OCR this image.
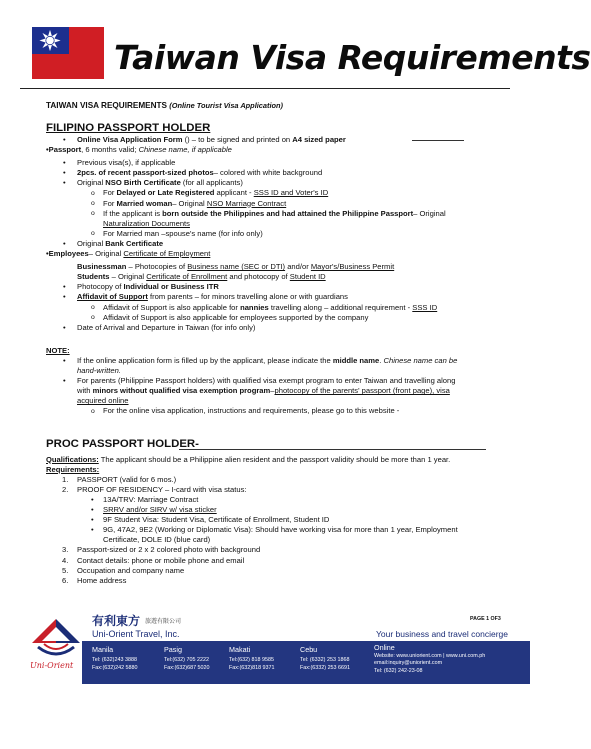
Taiwan Visa Requirements
TAIWAN VISA REQUIREMENTS (Online Tourist Visa Application)
FILIPINO PASSPORT HOLDER
• Online Visa Application Form () – to be signed and printed on A4 sized paper
•Passport, 6 months valid; Chinese name, if applicable
• Previous visa(s), if applicable
• 2pcs. of recent passport-sized photos– colored with white background
• Original NSO Birth Certificate (for all applicants)
o For Delayed or Late Registered applicant - SSS ID and Voter's ID
o For Married woman– Original NSO Marriage Contract
o If the applicant is born outside the Philippines and had attained the Philippine Passport– Original
Naturalization Documents
o For Married man –spouse's name (for info only)
• Original Bank Certificate
•Employees– Original Certificate of Employment
Businessman – Photocopies of Business name (SEC or DTI) and/or Mayor's/Business Permit
Students – Original Certificate of Enrollment and photocopy of Student ID
• Photocopy of Individual or Business ITR
• Affidavit of Support from parents – for minors travelling alone or with guardians
o Affidavit of Support is also applicable for nannies travelling along – additional requirement - SSS ID
o Affidavit of Support is also applicable for employees supported by the company
• Date of Arrival and Departure in Taiwan (for info only)
NOTE:
• If the online application form is filled up by the applicant, please indicate the middle name. Chinese name can be
hand-written.
• For parents (Philippine Passport holders) with qualified visa exempt program to enter Taiwan and travelling along
with minors without qualified visa exemption program–photocopy of the parents' passport (front page), visa
acquired online
o For the online visa application, instructions and requirements, please go to this website -
PROC PASSPORT HOLDER-
Qualifications: The applicant should be a Philippine alien resident and the passport validity should be more than 1 year.
Requirements:
1. PASSPORT (valid for 6 mos.)
2. PROOF OF RESIDENCY – I-card with visa status:
• 13A/TRV: Marriage Contract
• SRRV and/or SIRV w/ visa sticker
• 9F Student Visa: Student Visa, Certificate of Enrollment, Student ID
• 9G, 47A2, 9E2 (Working or Diplomatic Visa): Should have working visa for more than 1 year, Employment
Certificate, DOLE ID (blue card)
3. Passport-sized or 2 x 2 colored photo with background
4. Contact details: phone or mobile phone and email
5. Occupation and company name
6. Home address
PAGE 1 OF3
Uni-Orient
有利東方 旅遊有限公司
Uni-Orient Travel, Inc.	Your business and travel concierge
Manila
Tel: (632)243 3888
Fax:(632)242 5880
Pasig
Tel:(632) 705 2222
Fax:(632)687 5020
Makati
Tel:(632) 818 9585
Fax:(632)818 9371
Cebu
Tel: (6332) 253 1868
Fax:(6332) 253 6691
Online
Website: www.uniorient.com | www.uni.com.ph
email:inquiry@uniorient.com
Tel: (632) 242-23-08
